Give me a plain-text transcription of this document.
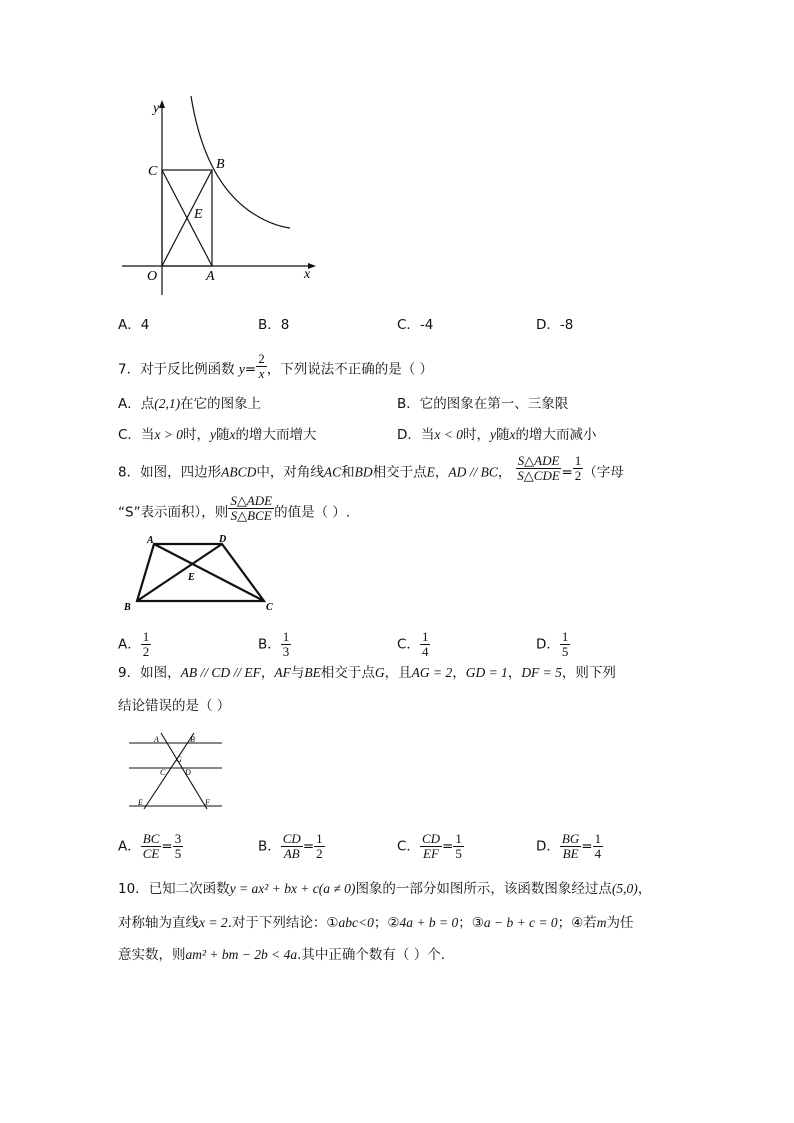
y
x
C	B
E
O	A
A．4	B．8	C．-4	D．-8
7．对于反比例函数 $y= \frac{2}{x}$ ，下列说法不正确的是（ ）
A．点(2,1)在它的图象上	B．它的图象在第一、三象限
C．当x > 0时，y随x的增大而增大	D．当x < 0时，y随x的增大而减小
8．如图，四边形ABCD中，对角线AC和BD相交于点E，AD // BC， $\frac{\text{S△ADE}}{\text{S△CDE}} = \frac{1}{2}$ （字母
“S”表示面积），则 $\frac{\text{S△ADE}}{\text{S△BCE}}$ 的值是（ ）.
A	D
E
B	C
A． $\frac{1}{2}$	B． $\frac{1}{3}$	C． $\frac{1}{4}$	D． $\frac{1}{5}$
9．如图，AB // CD // EF，AF与BE相交于点G，且AG = 2，GD = 1，DF = 5，则下列
结论错误的是（ ）
A	B
G
C D
E	F
A． $\frac{BC}{CE} = \frac{3}{5}$	B． $\frac{CD}{AB} = \frac{1}{2}$	C． $\frac{CD}{EF} = \frac{1}{5}$	D． $\frac{BG}{BE} = \frac{1}{4}$
10．已知二次函数y = ax² + bx + c(a ≠ 0)图象的一部分如图所示，该函数图象经过点(5,0)，
对称轴为直线x = 2.对于下列结论：①abc<0；②4a + b = 0；③a − b + c = 0；④若m为任
意实数，则am² + bm − 2b < 4a.其中正确个数有（ ）个.
